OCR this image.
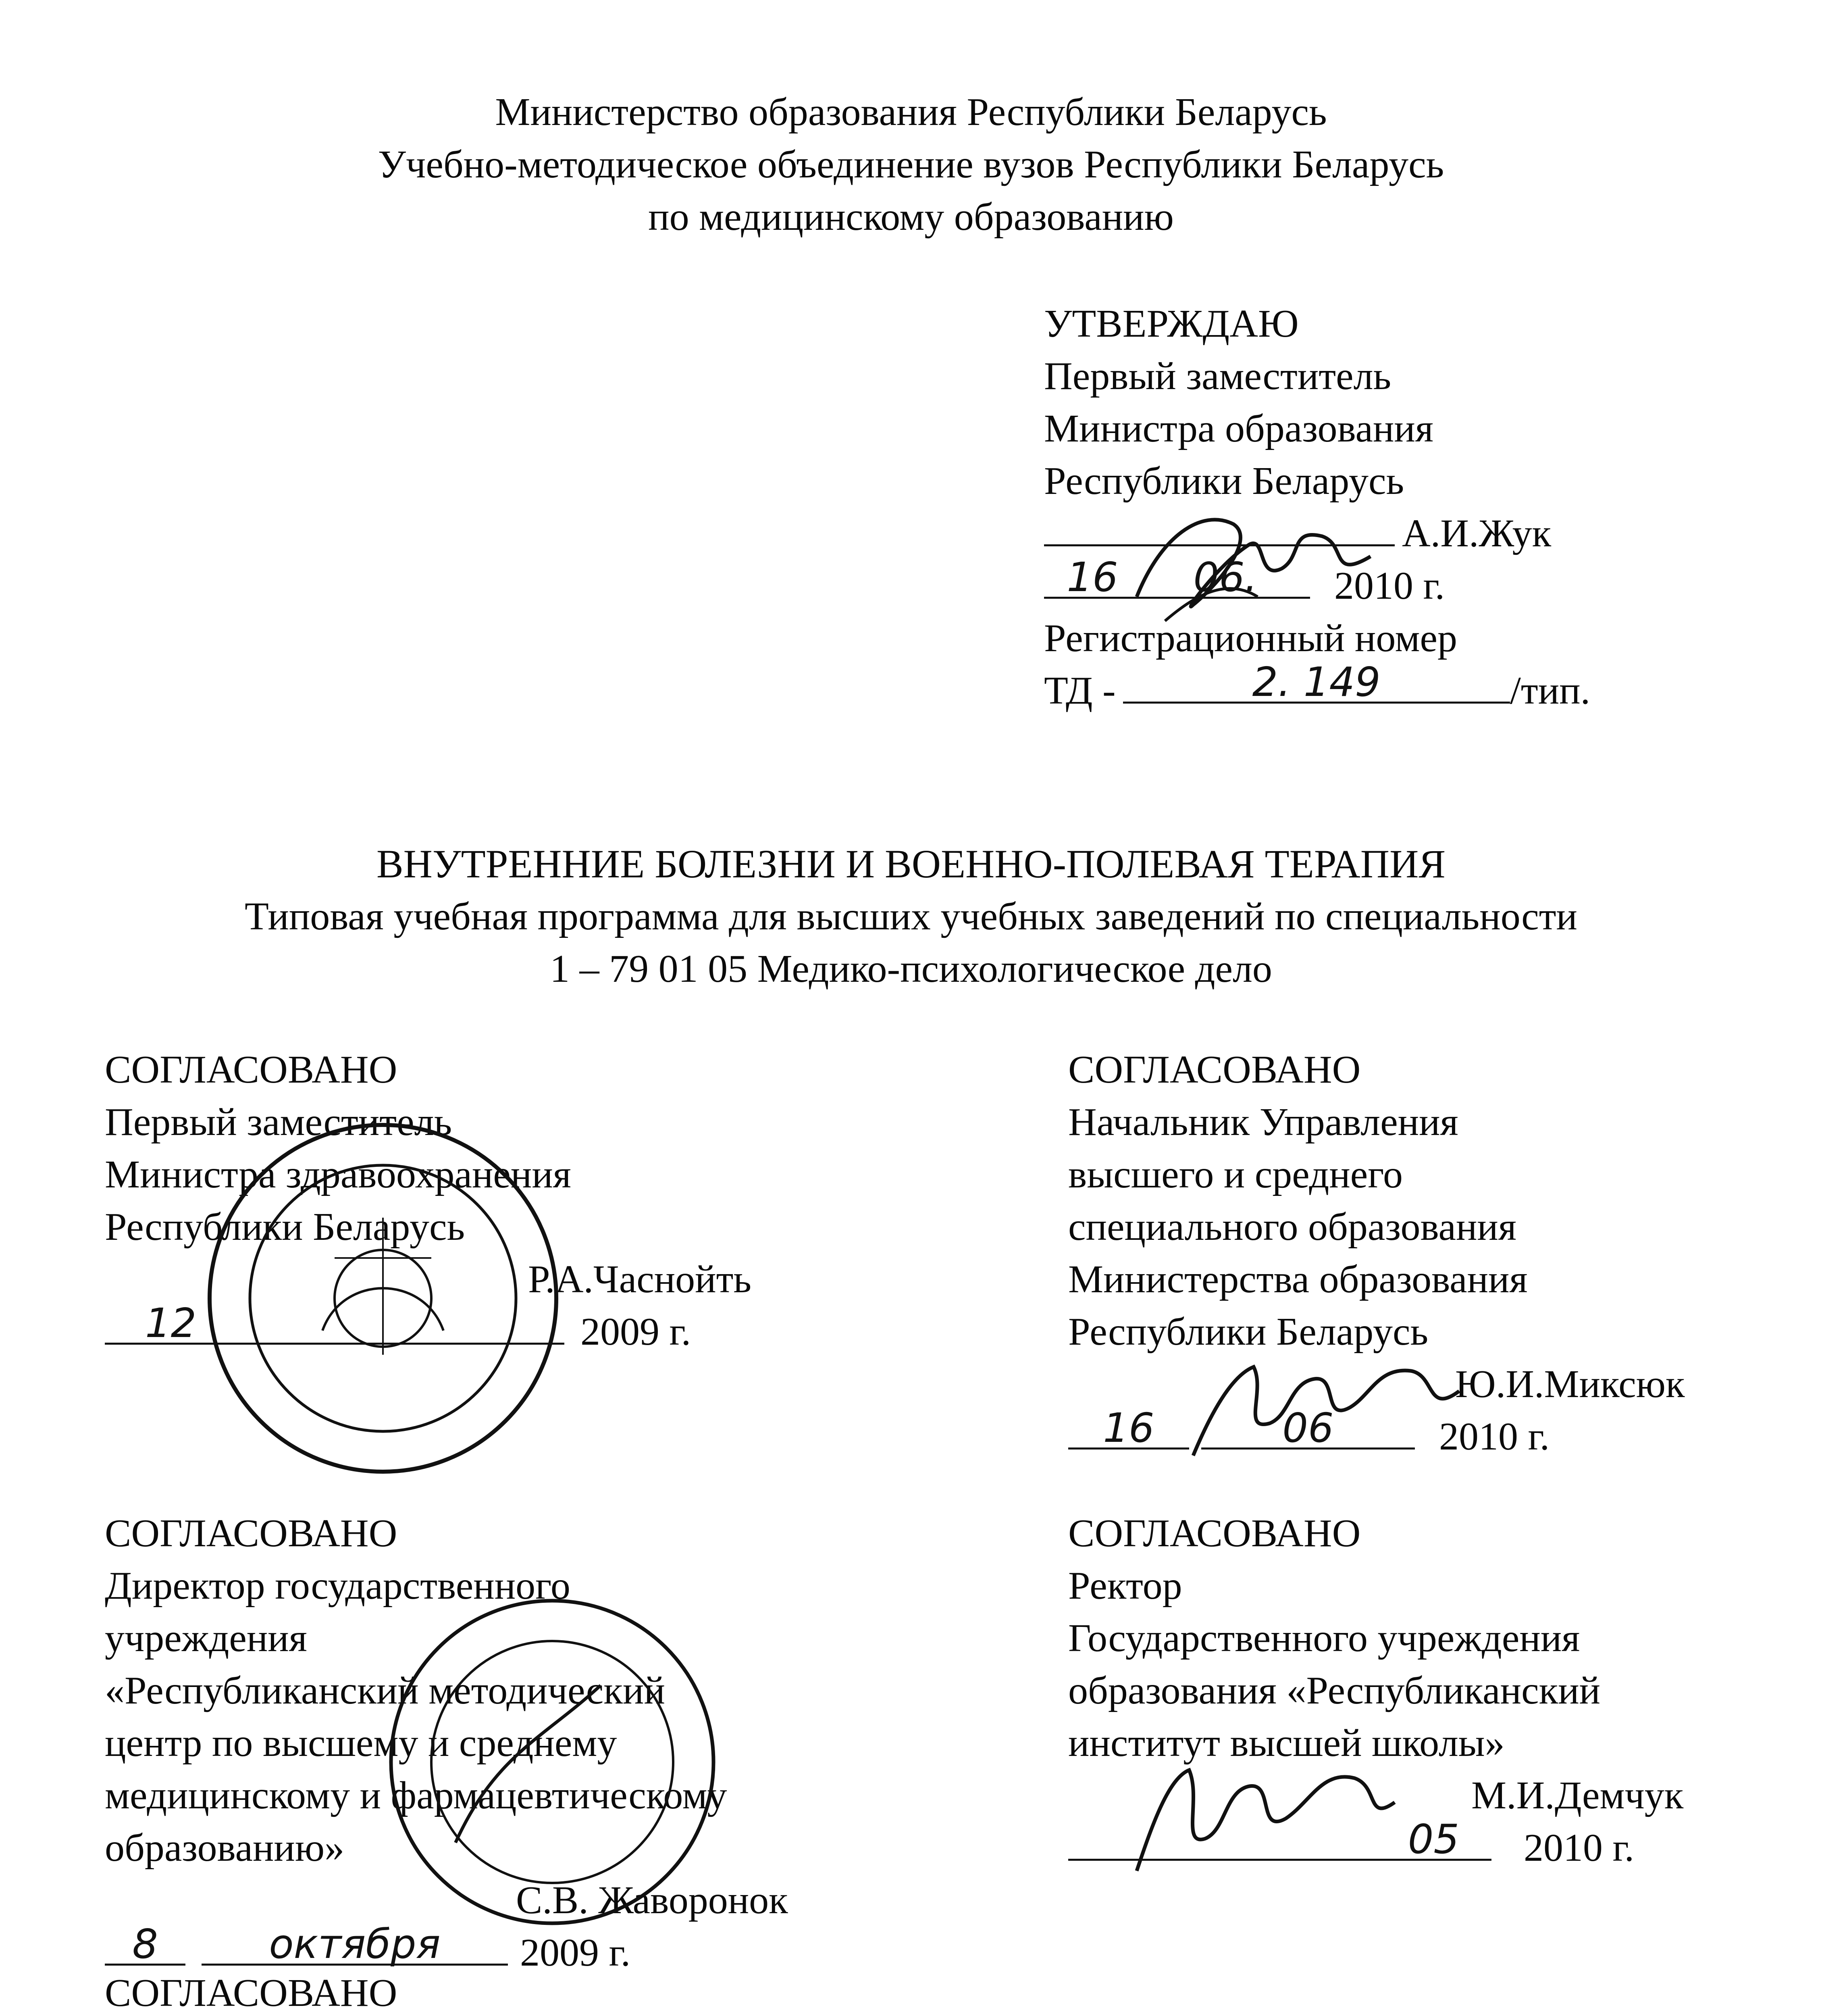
Министерство образования Республики Беларусь
Учебно-методическое объединение вузов Республики Беларусь
по медицинскому образованию
УТВЕРЖДАЮ
Первый заместитель
Министра образования
Республики Беларусь
А.И.Жук
16	06.	2010 г.
Регистрационный номер
ТД -	2. 149	/тип.
ВНУТРЕННИЕ БОЛЕЗНИ И ВОЕННО-ПОЛЕВАЯ ТЕРАПИЯ
Типовая учебная программа для высших учебных заведений по специальности
1 – 79 01 05 Медико-психологическое дело
СОГЛАСОВАНО
Первый заместитель
Министра здравоохранения
Республики Беларусь
Р.А.Часнойть
12	2009 г.
СОГЛАСОВАНО
Начальник Управления
высшего и среднего
специального образования
Министерства образования
Республики Беларусь
Ю.И.Миксюк
16	06	2010 г.
СОГЛАСОВАНО
Директор государственного
учреждения
«Республиканский методический
центр по высшему и среднему
медицинскому и фармацевтическому
образованию»
С.В. Жаворонок
8	октября	2009 г.
СОГЛАСОВАНО
Ректор
Государственного учреждения
образования «Республиканский
институт высшей школы»
М.И.Демчук
05	2010 г.
СОГЛАСОВАНО
